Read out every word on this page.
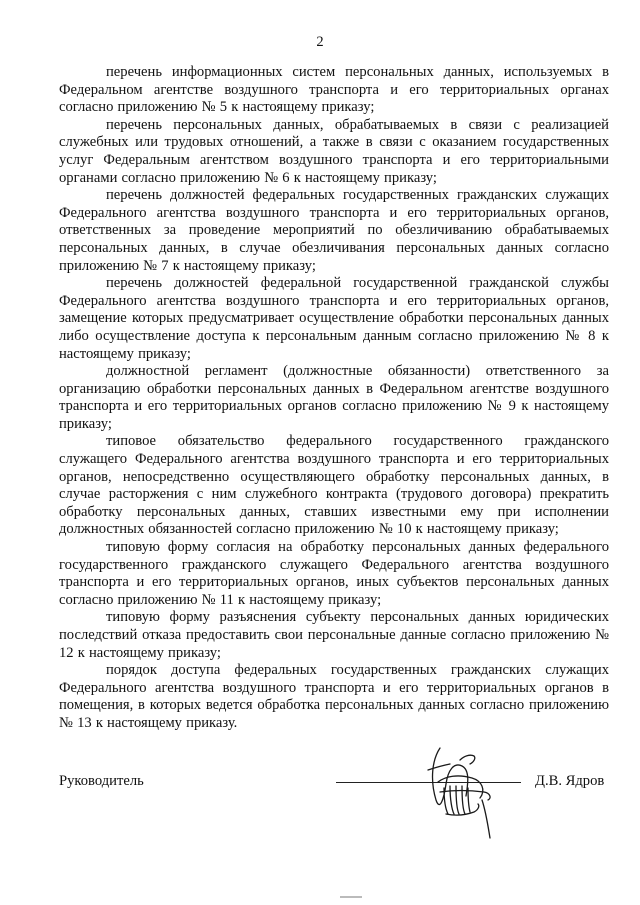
2

перечень информационных систем персональных данных, используемых в Федеральном агентстве воздушного транспорта и его территориальных органах согласно приложению № 5 к настоящему приказу;

перечень персональных данных, обрабатываемых в связи с реализацией служебных или трудовых отношений, а также в связи с оказанием государственных услуг Федеральным агентством воздушного транспорта и его территориальными органами согласно приложению № 6 к настоящему приказу;

перечень должностей федеральных государственных гражданских служащих Федерального агентства воздушного транспорта и его территориальных органов, ответственных за проведение мероприятий по обезличиванию обрабатываемых персональных данных, в случае обезличивания персональных данных согласно приложению № 7 к настоящему приказу;

перечень должностей федеральной государственной гражданской службы Федерального агентства воздушного транспорта и его территориальных органов, замещение которых предусматривает осуществление обработки персональных данных либо осуществление доступа к персональным данным согласно приложению № 8 к настоящему приказу;

должностной регламент (должностные обязанности) ответственного за организацию обработки персональных данных в Федеральном агентстве воздушного транспорта и его территориальных органов согласно приложению № 9 к настоящему приказу;

типовое обязательство федерального государственного гражданского служащего Федерального агентства воздушного транспорта и его территориальных органов, непосредственно осуществляющего обработку персональных данных, в случае расторжения с ним служебного контракта (трудового договора) прекратить обработку персональных данных, ставших известными ему при исполнении должностных обязанностей согласно приложению № 10 к настоящему приказу;

типовую форму согласия на обработку персональных данных федерального государственного гражданского служащего Федерального агентства воздушного транспорта и его территориальных органов, иных субъектов персональных данных согласно приложению № 11 к настоящему приказу;

типовую форму разъяснения субъекту персональных данных юридических последствий отказа предоставить свои персональные данные согласно приложению № 12 к настоящему приказу;

порядок доступа федеральных государственных гражданских служащих Федерального агентства воздушного транспорта и его территориальных органов в помещения, в которых ведется обработка персональных данных согласно приложению № 13 к настоящему приказу.

Руководитель	Д.В. Ядров
